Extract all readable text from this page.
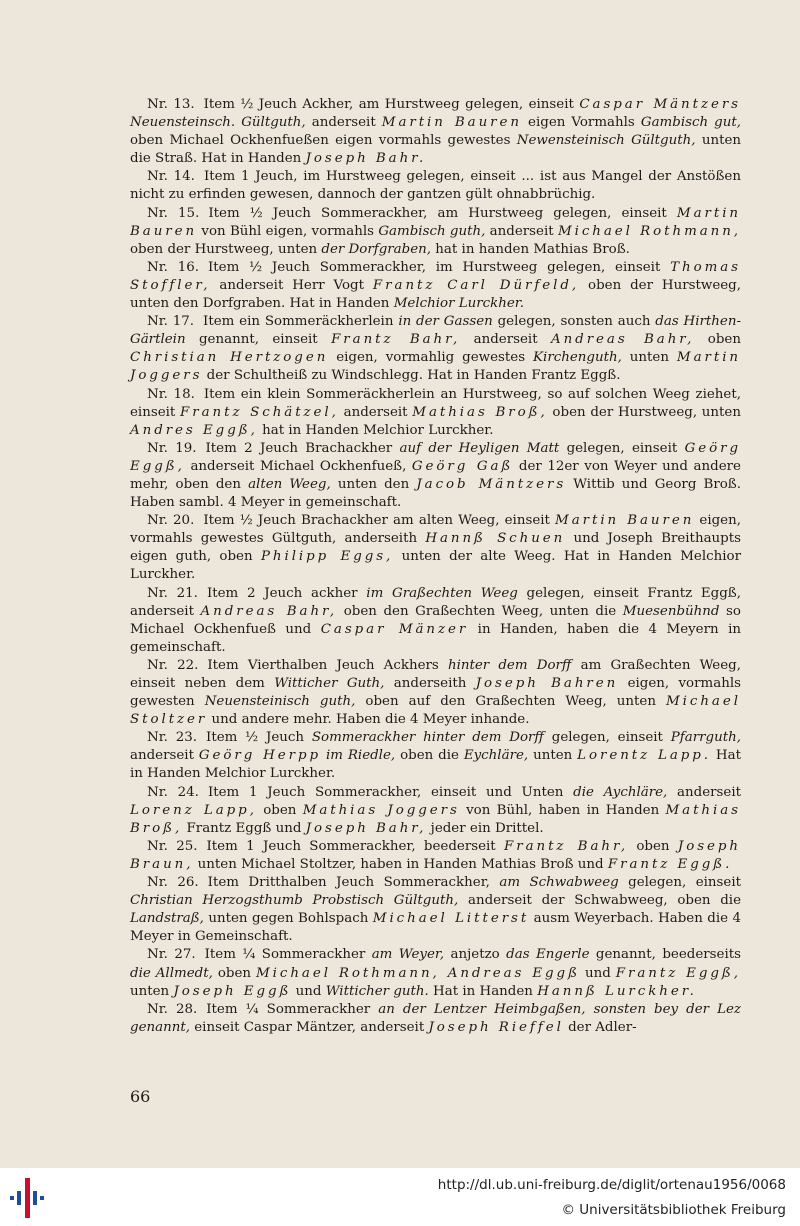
Nr. 13. Item ½ Jeuch Ackher, am Hurstweeg gelegen, einseit Caspar Mäntzers Neuensteinsch. Gültguth, anderseit Martin Bauren eigen Vormahls Gambisch gut, oben Michael Ockhenfueßen eigen vormahls gewestes Newensteinisch Gültguth, unten die Straß. Hat in Handen Joseph Bahr.

Nr. 14. Item 1 Jeuch, im Hurstweeg gelegen, einseit ... ist aus Mangel der Anstößen nicht zu erfinden gewesen, dannoch der gantzen gült ohnabbrüchig.

Nr. 15. Item ½ Jeuch Sommerackher, am Hurstweeg gelegen, einseit Martin Bauren von Bühl eigen, vormahls Gambisch guth, anderseit Michael Rothmann, oben der Hurstweeg, unten der Dorfgraben, hat in handen Mathias Broß.

Nr. 16. Item ½ Jeuch Sommerackher, im Hurstweeg gelegen, einseit Thomas Stoffler, anderseit Herr Vogt Frantz Carl Dürfeld, oben der Hurstweeg, unten den Dorfgraben. Hat in Handen Melchior Lurckher.

Nr. 17. Item ein Sommeräckherlein in der Gassen gelegen, sonsten auch das Hirthen-Gärtlein genannt, einseit Frantz Bahr, anderseit Andreas Bahr, oben Christian Hertzogen eigen, vormahlig gewestes Kirchenguth, unten Martin Joggers der Schultheiß zu Windschlegg. Hat in Handen Frantz Eggß.

Nr. 18. Item ein klein Sommeräckherlein an Hurstweeg, so auf solchen Weeg ziehet, einseit Frantz Schätzel, anderseit Mathias Broß, oben der Hurstweeg, unten Andres Eggß, hat in Handen Melchior Lurckher.

Nr. 19. Item 2 Jeuch Brachackher auf der Heyligen Matt gelegen, einseit Geörg Eggß, anderseit Michael Ockhenfueß, Geörg Gaß der 12er von Weyer und andere mehr, oben den alten Weeg, unten den Jacob Mäntzers Wittib und Georg Broß. Haben sambl. 4 Meyer in gemeinschaft.

Nr. 20. Item ½ Jeuch Brachackher am alten Weeg, einseit Martin Bauren eigen, vormahls gewestes Gültguth, anderseith Hannß Schuen und Joseph Breithaupts eigen guth, oben Philipp Eggs, unten der alte Weeg. Hat in Handen Melchior Lurckher.

Nr. 21. Item 2 Jeuch ackher im Graßechten Weeg gelegen, einseit Frantz Eggß, anderseit Andreas Bahr, oben den Graßechten Weeg, unten die Muesenbühnd so Michael Ockhenfueß und Caspar Mänzer in Handen, haben die 4 Meyern in gemeinschaft.

Nr. 22. Item Vierthalben Jeuch Ackhers hinter dem Dorff am Graßechten Weeg, einseit neben dem Witticher Guth, anderseith Joseph Bahren eigen, vormahls gewesten Neuensteinisch guth, oben auf den Graßechten Weeg, unten Michael Stoltzer und andere mehr. Haben die 4 Meyer inhande.

Nr. 23. Item ½ Jeuch Sommerackher hinter dem Dorff gelegen, einseit Pfarrguth, anderseit Geörg Herpp im Riedle, oben die Eychläre, unten Lorentz Lapp. Hat in Handen Melchior Lurckher.

Nr. 24. Item 1 Jeuch Sommerackher, einseit und Unten die Aychläre, anderseit Lorenz Lapp, oben Mathias Joggers von Bühl, haben in Handen Mathias Broß, Frantz Eggß und Joseph Bahr, jeder ein Drittel.

Nr. 25. Item 1 Jeuch Sommerackher, beederseit Frantz Bahr, oben Joseph Braun, unten Michael Stoltzer, haben in Handen Mathias Broß und Frantz Eggß.

Nr. 26. Item Dritthalben Jeuch Sommerackher, am Schwabweeg gelegen, einseit Christian Herzogsthumb Probstisch Gültguth, anderseit der Schwabweeg, oben die Landstraß, unten gegen Bohlspach Michael Litterst ausm Weyerbach. Haben die 4 Meyer in Gemeinschaft.

Nr. 27. Item ¼ Sommerackher am Weyer, anjetzo das Engerle genannt, beederseits die Allmedt, oben Michael Rothmann, Andreas Eggß und Frantz Eggß, unten Joseph Eggß und Witticher guth. Hat in Handen Hannß Lurckher.

Nr. 28. Item ¼ Sommerackher an der Lentzer Heimbgaßen, sonsten bey der Lez genannt, einseit Caspar Mäntzer, anderseit Joseph Rieffel der Adler-

66
http://dl.ub.uni-freiburg.de/diglit/ortenau1956/0068
© Universitätsbibliothek Freiburg
